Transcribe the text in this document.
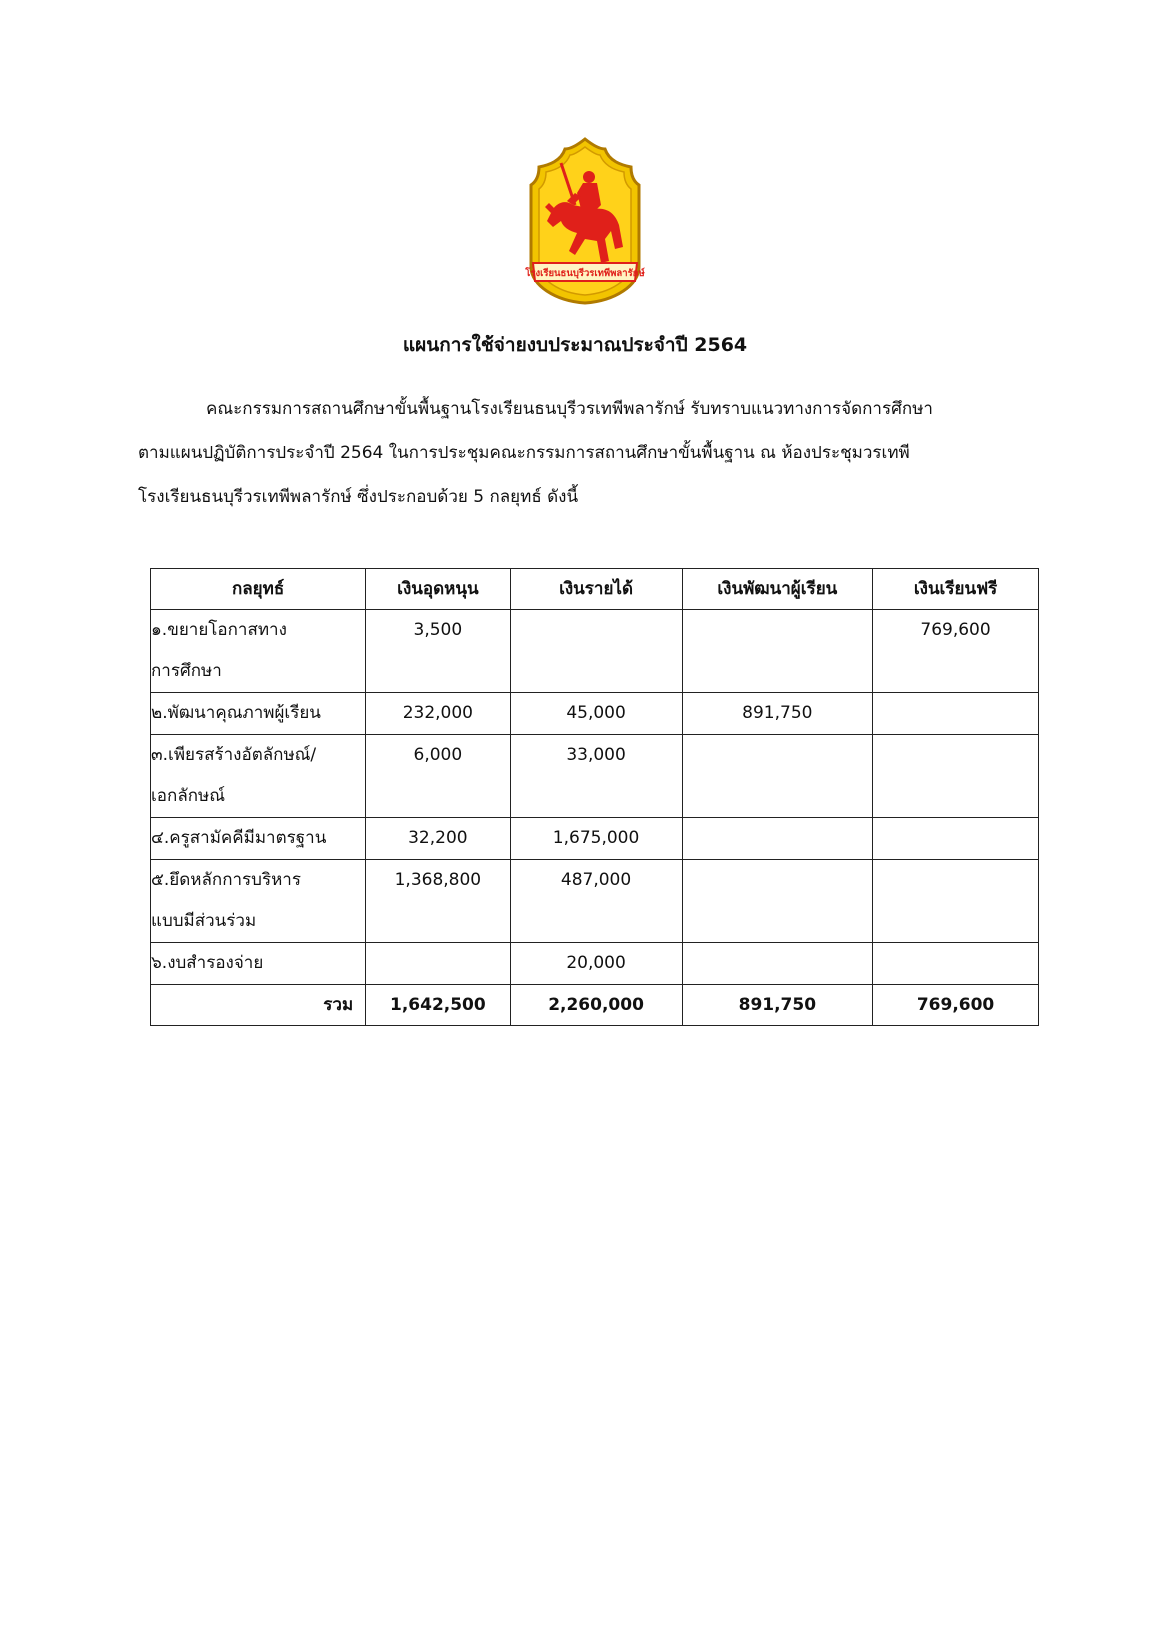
โรงเรียนธนบุรีวรเทพีพลารักษ์
แผนการใช้จ่ายงบประมาณประจำปี 2564

คณะกรรมการสถานศึกษาขั้นพื้นฐานโรงเรียนธนบุรีวรเทพีพลารักษ์ รับทราบแนวทางการจัดการศึกษา

ตามแผนปฏิบัติการประจำปี 2564 ในการประชุมคณะกรรมการสถานศึกษาขั้นพื้นฐาน ณ ห้องประชุมวรเทพี

โรงเรียนธนบุรีวรเทพีพลารักษ์ ซึ่งประกอบด้วย 5 กลยุทธ์ ดังนี้

กลยุทธ์	เงินอุดหนุน	เงินรายได้	เงินพัฒนาผู้เรียน	เงินเรียนฟรี

๑.ขยายโอกาสทาง
การศึกษา	3,500			769,600

๒.พัฒนาคุณภาพผู้เรียน	232,000	45,000	891,750	

๓.เพียรสร้างอัตลักษณ์/
เอกลักษณ์	6,000	33,000		

๔.ครูสามัคคีมีมาตรฐาน	32,200	1,675,000		

๕.ยึดหลักการบริหาร
แบบมีส่วนร่วม	1,368,800	487,000		

๖.งบสำรองจ่าย		20,000		
รวม	1,642,500	2,260,000	891,750	769,600
